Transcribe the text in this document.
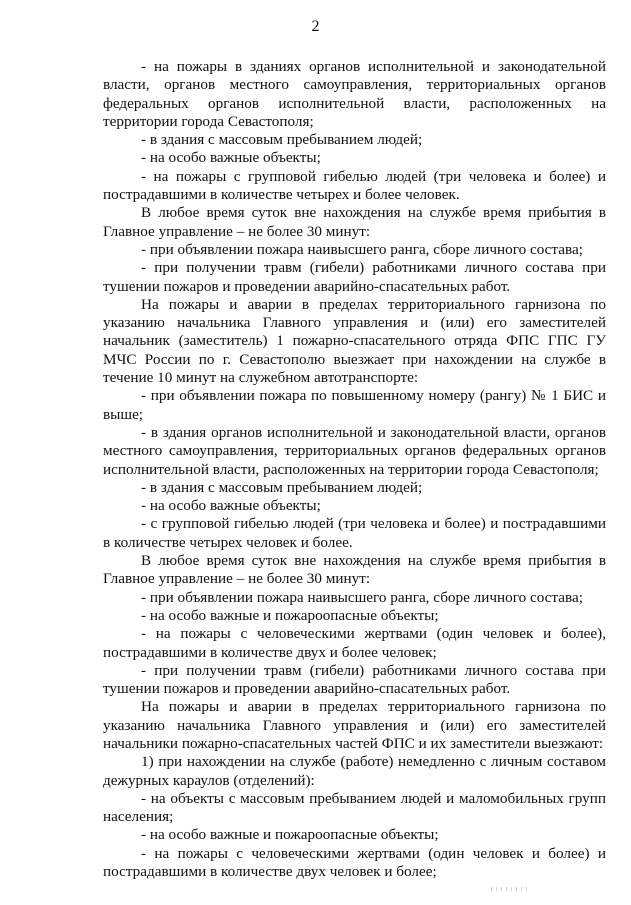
2

- на пожары в зданиях органов исполнительной и законодательной власти, органов местного самоуправления, территориальных органов федеральных органов исполнительной власти, расположенных на территории города Севастополя;

- в здания с массовым пребыванием людей;

- на особо важные объекты;

- на пожары с групповой гибелью людей (три человека и более) и пострадавшими в количестве четырех и более человек.

В любое время суток вне нахождения на службе время прибытия в Главное управление – не более 30 минут:

- при объявлении пожара наивысшего ранга, сборе личного состава;

- при получении травм (гибели) работниками личного состава при тушении пожаров и проведении аварийно-спасательных работ.

На пожары и аварии в пределах территориального гарнизона по указанию начальника Главного управления и (или) его заместителей начальник (заместитель) 1 пожарно-спасательного отряда ФПС ГПС ГУ МЧС России по г. Севастополю выезжает при нахождении на службе в течение 10 минут на служебном автотранспорте:

- при объявлении пожара по повышенному номеру (рангу) № 1 БИС и выше;

- в здания органов исполнительной и законодательной власти, органов местного самоуправления, территориальных органов федеральных органов исполнительной власти, расположенных на территории города Севастополя;

- в здания с массовым пребыванием людей;

- на особо важные объекты;

- с групповой гибелью людей (три человека и более) и пострадавшими в количестве четырех человек и более.

В любое время суток вне нахождения на службе время прибытия в Главное управление – не более 30 минут:

- при объявлении пожара наивысшего ранга, сборе личного состава;

- на особо важные и пожароопасные объекты;

- на пожары с человеческими жертвами (один человек и более), пострадавшими в количестве двух и более человек;

- при получении травм (гибели) работниками личного состава при тушении пожаров и проведении аварийно-спасательных работ.

На пожары и аварии в пределах территориального гарнизона по указанию начальника Главного управления и (или) его заместителей начальники пожарно-спасательных частей ФПС и их заместители выезжают:

1) при нахождении на службе (работе) немедленно с личным составом дежурных караулов (отделений):

- на объекты с массовым пребыванием людей и маломобильных групп населения;

- на особо важные и пожароопасные объекты;

- на пожары с человеческими жертвами (один человек и более) и пострадавшими в количестве двух человек и более;
